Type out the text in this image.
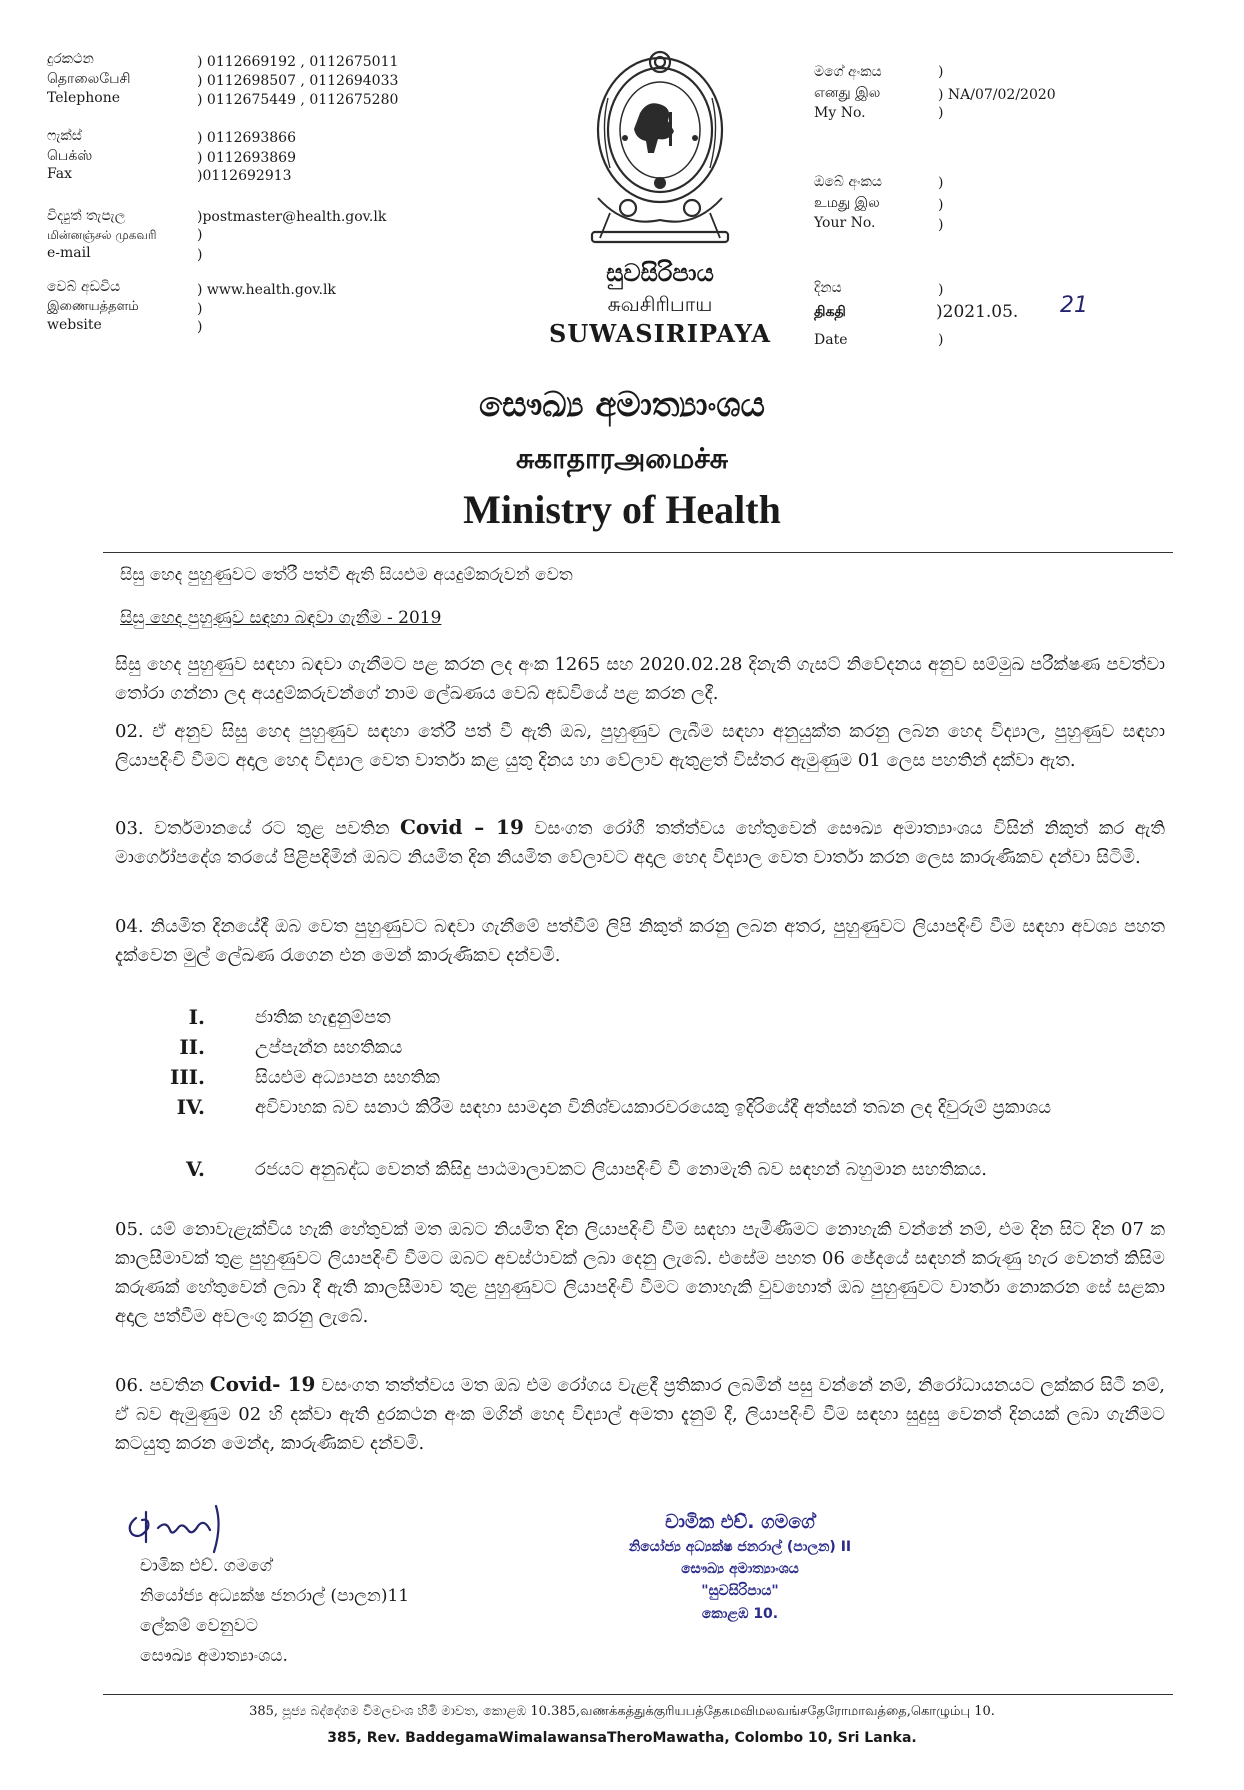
දුරකථන	) 0112669192 , 0112675011
தொலைபேசி	) 0112698507 , 0112694033
Telephone	) 0112675449 , 0112675280
ෆැක්ස්	) 0112693866
பெக்ஸ்	) 0112693869
Fax	)0112692913
විද්‍යුත් තැපැල	)postmaster@health.gov.lk
மின்னஞ்சல் முகவரி	)
e-mail	)
වෙබ් අඩවිය	) www.health.gov.lk
இணையத்தளம்	)
website	)
සුවසිරිපාය
சுவசிரிபாய
SUWASIRIPAYA
මගේ අංකය	)
எனது இல	) NA/07/02/2020
My No.	)
ඔබේ අංකය	)
உமது இல	)
Your No.	)
දිනය	)
திகதி	)2021.05. 21
Date	)
සෞඛ්‍ය අමාත්‍යාංශය
சுகாதாரஅமைச்சு
Ministry of Health
සිසු හෙද පුහුණුවට තේරී පත්වී ඇති සියළුම අයදුම්කරුවන් වෙත
සිසු හෙද පුහුණුව සඳහා බඳවා ගැනීම - 2019

සිසු හෙද පුහුණුව සඳහා බඳවා ගැනීමට පළ කරන ලද අංක 1265 සහ 2020.02.28 දිනැති ගැසට් නිවේදනය අනුව සම්මුඛ පරීක්ෂණ පවත්වා තෝරා ගන්නා ලද අයදුම්කරුවන්ගේ නාම ලේඛණය වෙබ් අඩවියේ පළ කරන ලදී.

02. ඒ අනුව සිසු හෙද පුහුණුව සඳහා තේරී පත් වී ඇති ඔබ, පුහුණුව ලැබීම සඳහා අනුයුක්ත කරනු ලබන හෙද විද්‍යාල, පුහුණුව සඳහා ලියාපදිංචි වීමට අදාල හෙද විද්‍යාල වෙත වාර්තා කළ යුතු දිනය හා වේලාව ඇතුළත් විස්තර ඇමුණුම 01 ලෙස පහතින් දක්වා ඇත.

03. වර්තමානයේ රට තුළ පවතින Covid – 19 වසංගත රෝගී තත්ත්වය හේතුවෙන් සෞඛ්‍ය අමාත්‍යාංශය විසින් නිකුත් කර ඇති මාර්ගෝපදේශ තරයේ පිළිපදිමින් ඔබට නියමිත දින නියමිත වේලාවට අදාල හෙද විද්‍යාල වෙත වාර්තා කරන ලෙස කාරුණිකව දන්වා සිටිමි.

04. නියමිත දිනයේදී ඔබ වෙත පුහුණුවට බඳවා ගැනීමේ පත්වීම් ලිපි නිකුත් කරනු ලබන අතර, පුහුණුවට ලියාපදිංචි වීම සඳහා අවශ්‍ය පහත දැක්වෙන මුල් ලේඛණ රැගෙන එන මෙන් කාරුණිකව දන්වමි.

I.	ජාතික හැඳුනුම්පත
II.	උප්පැන්න සහතිකය
III.	සියළුම අධ්‍යාපන සහතික
IV.	අවිවාහක බව සනාථ කිරීම සඳහා සාමදාන විනිශ්චයකාරවරයෙකු ඉදිරියේදී අත්සන් තබන ලද දිවුරුම් ප්‍රකාශය
V.	රජයට අනුබද්ධ වෙනත් කිසිදු පාඨමාලාවකට ලියාපදිංචි වී නොමැති බව සඳහන් බහුමාන සහතිකය.

05. යම් නොවැළැක්විය හැකි හේතුවක් මත ඔබට නියමිත දින ලියාපදිංචි වීම සඳහා පැමිණීමට නොහැකි වන්නේ නම්, එම දින සිට දින 07 ක කාලසීමාවක් තුළ පුහුණුවට ලියාපදිංචි වීමට ඔබට අවස්ථාවක් ලබා දෙනු ලැබේ. එසේම පහත 06 ඡේදයේ සඳහන් කරුණු හැර වෙනත් කිසිම කරුණක් හේතුවෙන් ලබා දී ඇති කාලසීමාව තුළ පුහුණුවට ලියාපදිංචි වීමට නොහැකි වුවහොත් ඔබ පුහුණුවට වාර්තා නොකරන සේ සළකා අදාල පත්වීම අවලංගු කරනු ලැබේ.

06. පවතින Covid- 19 වසංගත තත්ත්වය මත ඔබ එම රෝගය වැළදී ප්‍රතිකාර ලබමින් පසු වන්නේ නම්, නිරෝධායනයට ලක්කර සිටී නම්, ඒ බව ඇමුණුම 02 හි දක්වා ඇති දුරකථන අංක මගින් හෙද විද්‍යාල් අමතා දැනුම් දී, ලියාපදිංචි වීම සඳහා සුදුසු වෙනත් දිනයක් ලබා ගැනීමට කටයුතු කරන මෙන්ද, කාරුණිකව දන්වමි.

චාමික එච්. ගමගේ
නියෝජ්‍ය අධ්‍යක්ෂ ජනරාල් (පාලන)11
ලේකම් වෙනුවට
සෞඛ්‍ය අමාත්‍යාංශය.
චාමික එච්. ගමගේ
නියෝජ්‍ය අධ්‍යක්ෂ ජනරාල් (පාලන) II
සෞඛ්‍ය අමාත්‍යාංශය
"සුවසිරිපාය"
කොළඹ 10.
385, පූජ්‍ය බද්දේගම විමලවංශ හිමි මාවත, කොළඹ 10.385,வணக்கத்துக்குரியபத்தேகமவிமலவங்சதேரோமாவத்தை,கொழும்பு 10.
385, Rev. BaddegamaWimalawansaTheroMawatha, Colombo 10, Sri Lanka.
